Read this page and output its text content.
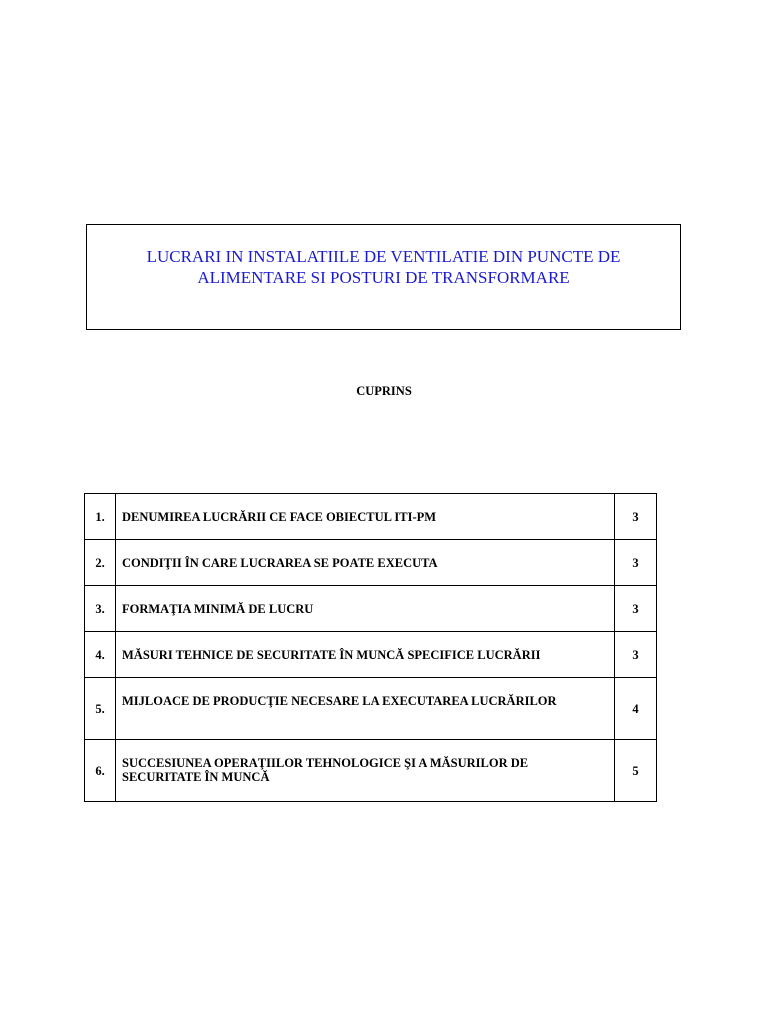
LUCRARI IN INSTALATIILE DE VENTILATIE DIN PUNCTE DE
ALIMENTARE SI POSTURI DE TRANSFORMARE
CUPRINS
1.	DENUMIREA LUCRĂRII CE FACE OBIECTUL ITI-PM	3
2.	CONDIŢII ÎN CARE LUCRAREA SE POATE EXECUTA	3
3.	FORMAŢIA MINIMĂ DE LUCRU	3
4.	MĂSURI TEHNICE DE SECURITATE ÎN MUNCĂ SPECIFICE LUCRĂRII	3
5.	MIJLOACE DE PRODUCŢIE NECESARE LA EXECUTAREA LUCRĂRILOR	4
6.	SUCCESIUNEA OPERAŢIILOR TEHNOLOGICE ŞI A MĂSURILOR DE SECURITATE ÎN MUNCĂ	5
